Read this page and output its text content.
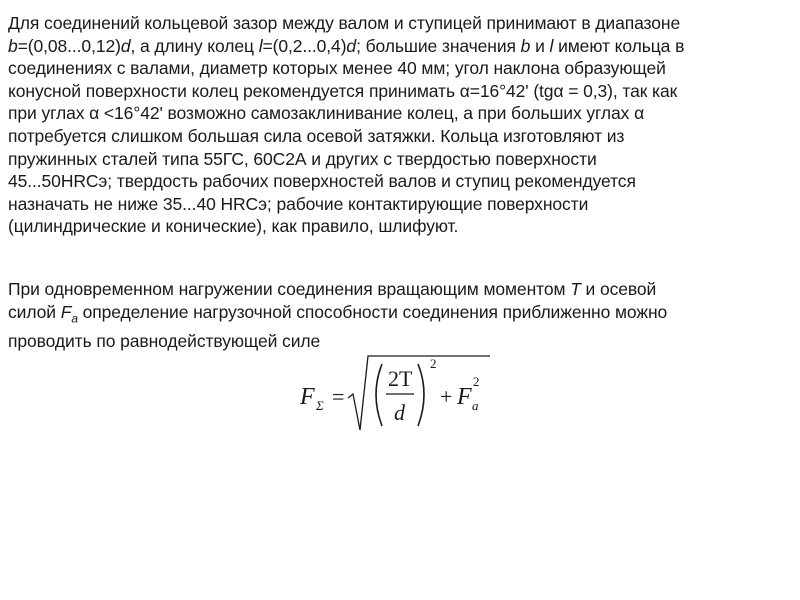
Для соединений кольцевой зазор между валом и ступицей принимают в диапазоне
b=(0,08...0,12)d, а длину колец l=(0,2...0,4)d; большие значения b и l имеют кольца в
соединениях с валами, диаметр которых менее 40 мм; угол наклона образующей
конусной поверхности колец рекомендуется принимать α=16°42' (tgα = 0,3), так как
при углах α <16°42' возможно самозаклинивание колец, а при больших углах α
потребуется слишком большая сила осевой затяжки. Кольца изготовляют из
пружинных сталей типа 55ГС, 60С2А и других с твердостью поверхности
45...50HRCэ; твердость рабочих поверхностей валов и ступиц рекомендуется
назначать не ниже 35...40 HRCэ; рабочие контактирующие поверхности
(цилиндрические и конические), как правило, шлифуют.
При одновременном нагружении соединения вращающим моментом T и осевой
силой $F_a$ определение нагрузочной способности соединения приближенно можно
проводить по равнодействующей силе
F Σ =
2T
d
2
+ F a
2
